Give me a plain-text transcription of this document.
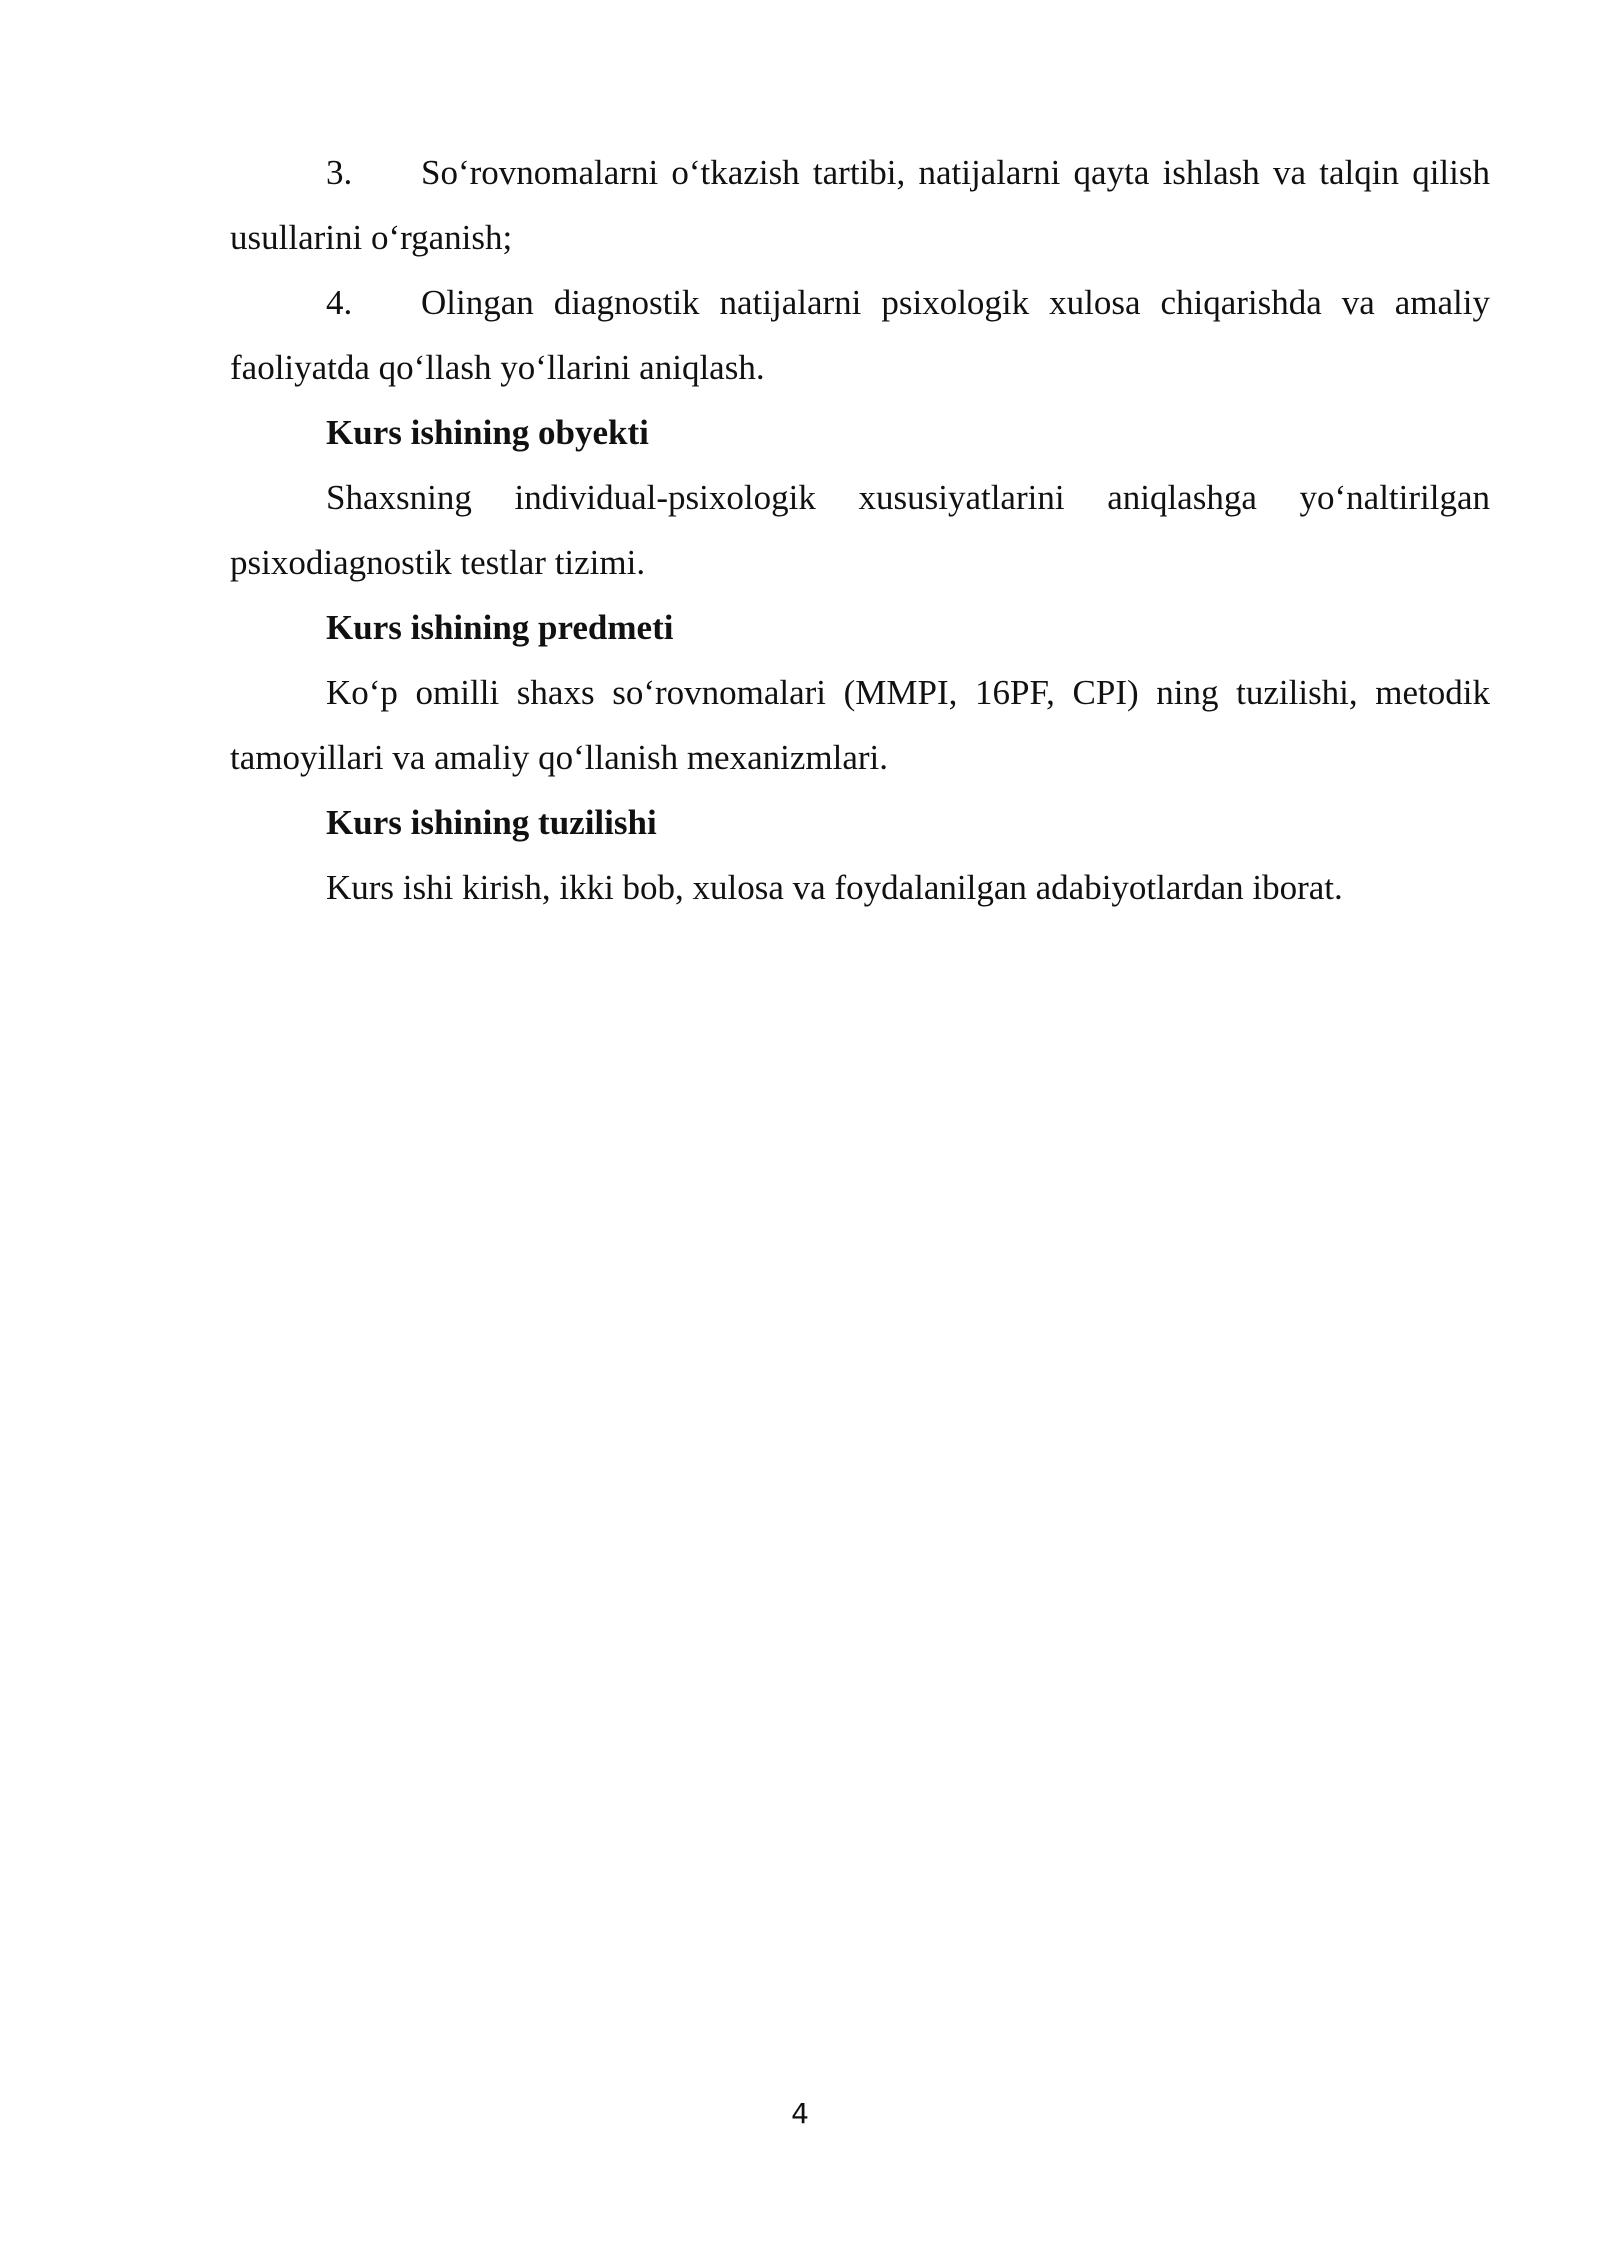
3. So‘rovnomalarni o‘tkazish tartibi, natijalarni qayta ishlash va talqin qilish usullarini o‘rganish;

4. Olingan diagnostik natijalarni psixologik xulosa chiqarishda va amaliy faoliyatda qo‘llash yo‘llarini aniqlash.

Kurs ishining obyekti

Shaxsning individual-psixologik xususiyatlarini aniqlashga yo‘naltirilgan psixodiagnostik testlar tizimi.

Kurs ishining predmeti

Ko‘p omilli shaxs so‘rovnomalari (MMPI, 16PF, CPI) ning tuzilishi, metodik tamoyillari va amaliy qo‘llanish mexanizmlari.

Kurs ishining tuzilishi

Kurs ishi kirish, ikki bob, xulosa va foydalanilgan adabiyotlardan iborat.

4
